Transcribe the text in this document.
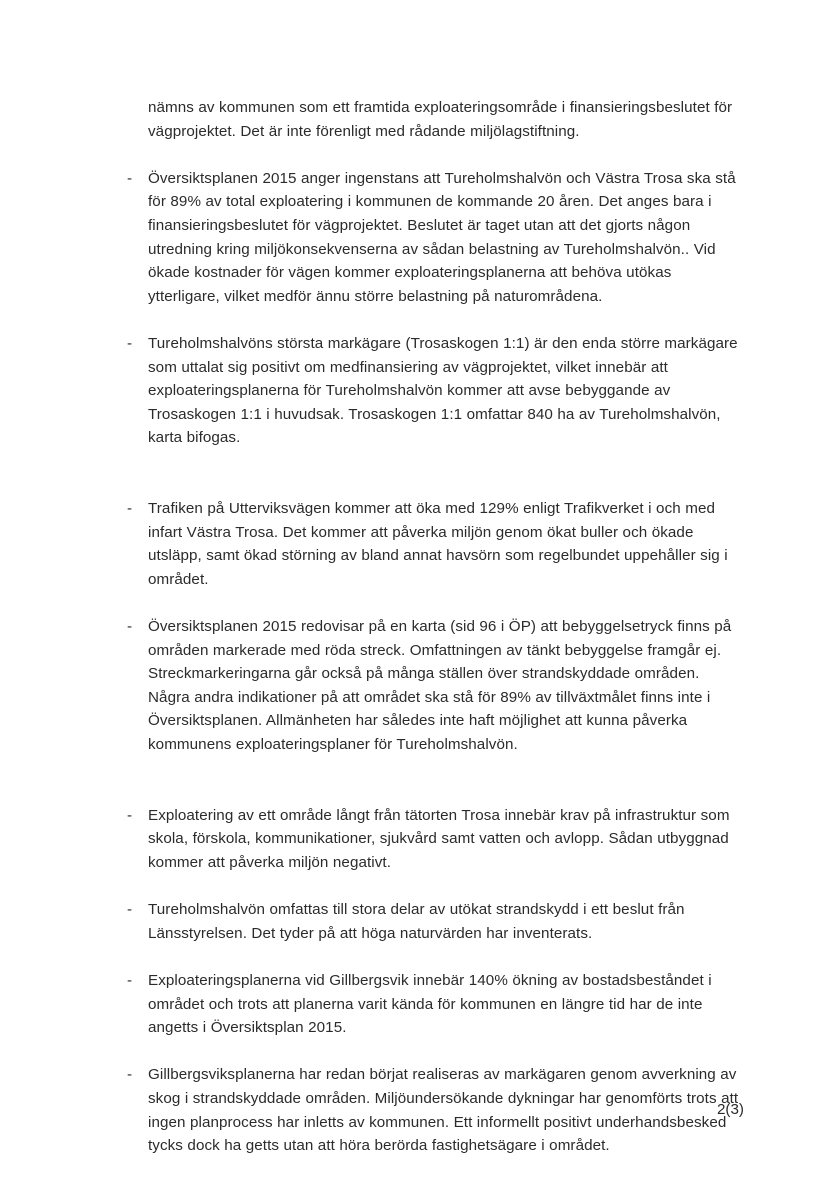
nämns av kommunen som ett framtida exploateringsområde i finansieringsbeslutet för vägprojektet. Det är inte förenligt med rådande miljölagstiftning.

-	Översiktsplanen 2015 anger ingenstans att Tureholmshalvön och Västra Trosa ska stå för 89% av total exploatering i kommunen de kommande 20 åren. Det anges bara i finansieringsbeslutet för vägprojektet. Beslutet är taget utan att det gjorts någon utredning kring miljökonsekvenserna av sådan belastning av Tureholmshalvön.. Vid ökade kostnader för vägen kommer exploateringsplanerna att behöva utökas ytterligare, vilket medför ännu större belastning på naturområdena.
-	Tureholmshalvöns största markägare (Trosaskogen 1:1) är den enda större markägare som uttalat sig positivt om medfinansiering av vägprojektet, vilket innebär att exploateringsplanerna för Tureholmshalvön kommer att avse bebyggande av Trosaskogen 1:1 i huvudsak. Trosaskogen 1:1 omfattar 840 ha av Tureholmshalvön, karta bifogas.
-	Trafiken på Utterviksvägen kommer att öka med 129% enligt Trafikverket i och med infart Västra Trosa. Det kommer att påverka miljön genom ökat buller och ökade utsläpp, samt ökad störning av bland annat havsörn som regelbundet uppehåller sig i området.
-	Översiktsplanen 2015 redovisar på en karta (sid 96 i ÖP) att bebyggelsetryck finns på områden markerade med röda streck. Omfattningen av tänkt bebyggelse framgår ej. Streckmarkeringarna går också på många ställen över strandskyddade områden. Några andra indikationer på att området ska stå för 89% av tillväxtmålet finns inte i Översiktsplanen. Allmänheten har således inte haft möjlighet att kunna påverka kommunens exploateringsplaner för Tureholmshalvön.
-	Exploatering av ett område långt från tätorten Trosa innebär krav på infrastruktur som skola, förskola, kommunikationer, sjukvård samt vatten och avlopp. Sådan utbyggnad kommer att påverka miljön negativt.
-	Tureholmshalvön omfattas till stora delar av utökat strandskydd i ett beslut från Länsstyrelsen. Det tyder på att höga naturvärden har inventerats.
-	Exploateringsplanerna vid Gillbergsvik innebär 140% ökning av bostadsbeståndet i området och trots att planerna varit kända för kommunen en längre tid har de inte angetts i Översiktsplan 2015.
-	Gillbergsviksplanerna har redan börjat realiseras av markägaren genom avverkning av skog i strandskyddade områden. Miljöundersökande dykningar har genomförts trots att ingen planprocess har inletts av kommunen. Ett informellt positivt underhandsbesked tycks dock ha getts utan att höra berörda fastighetsägare i området.
2(3)
